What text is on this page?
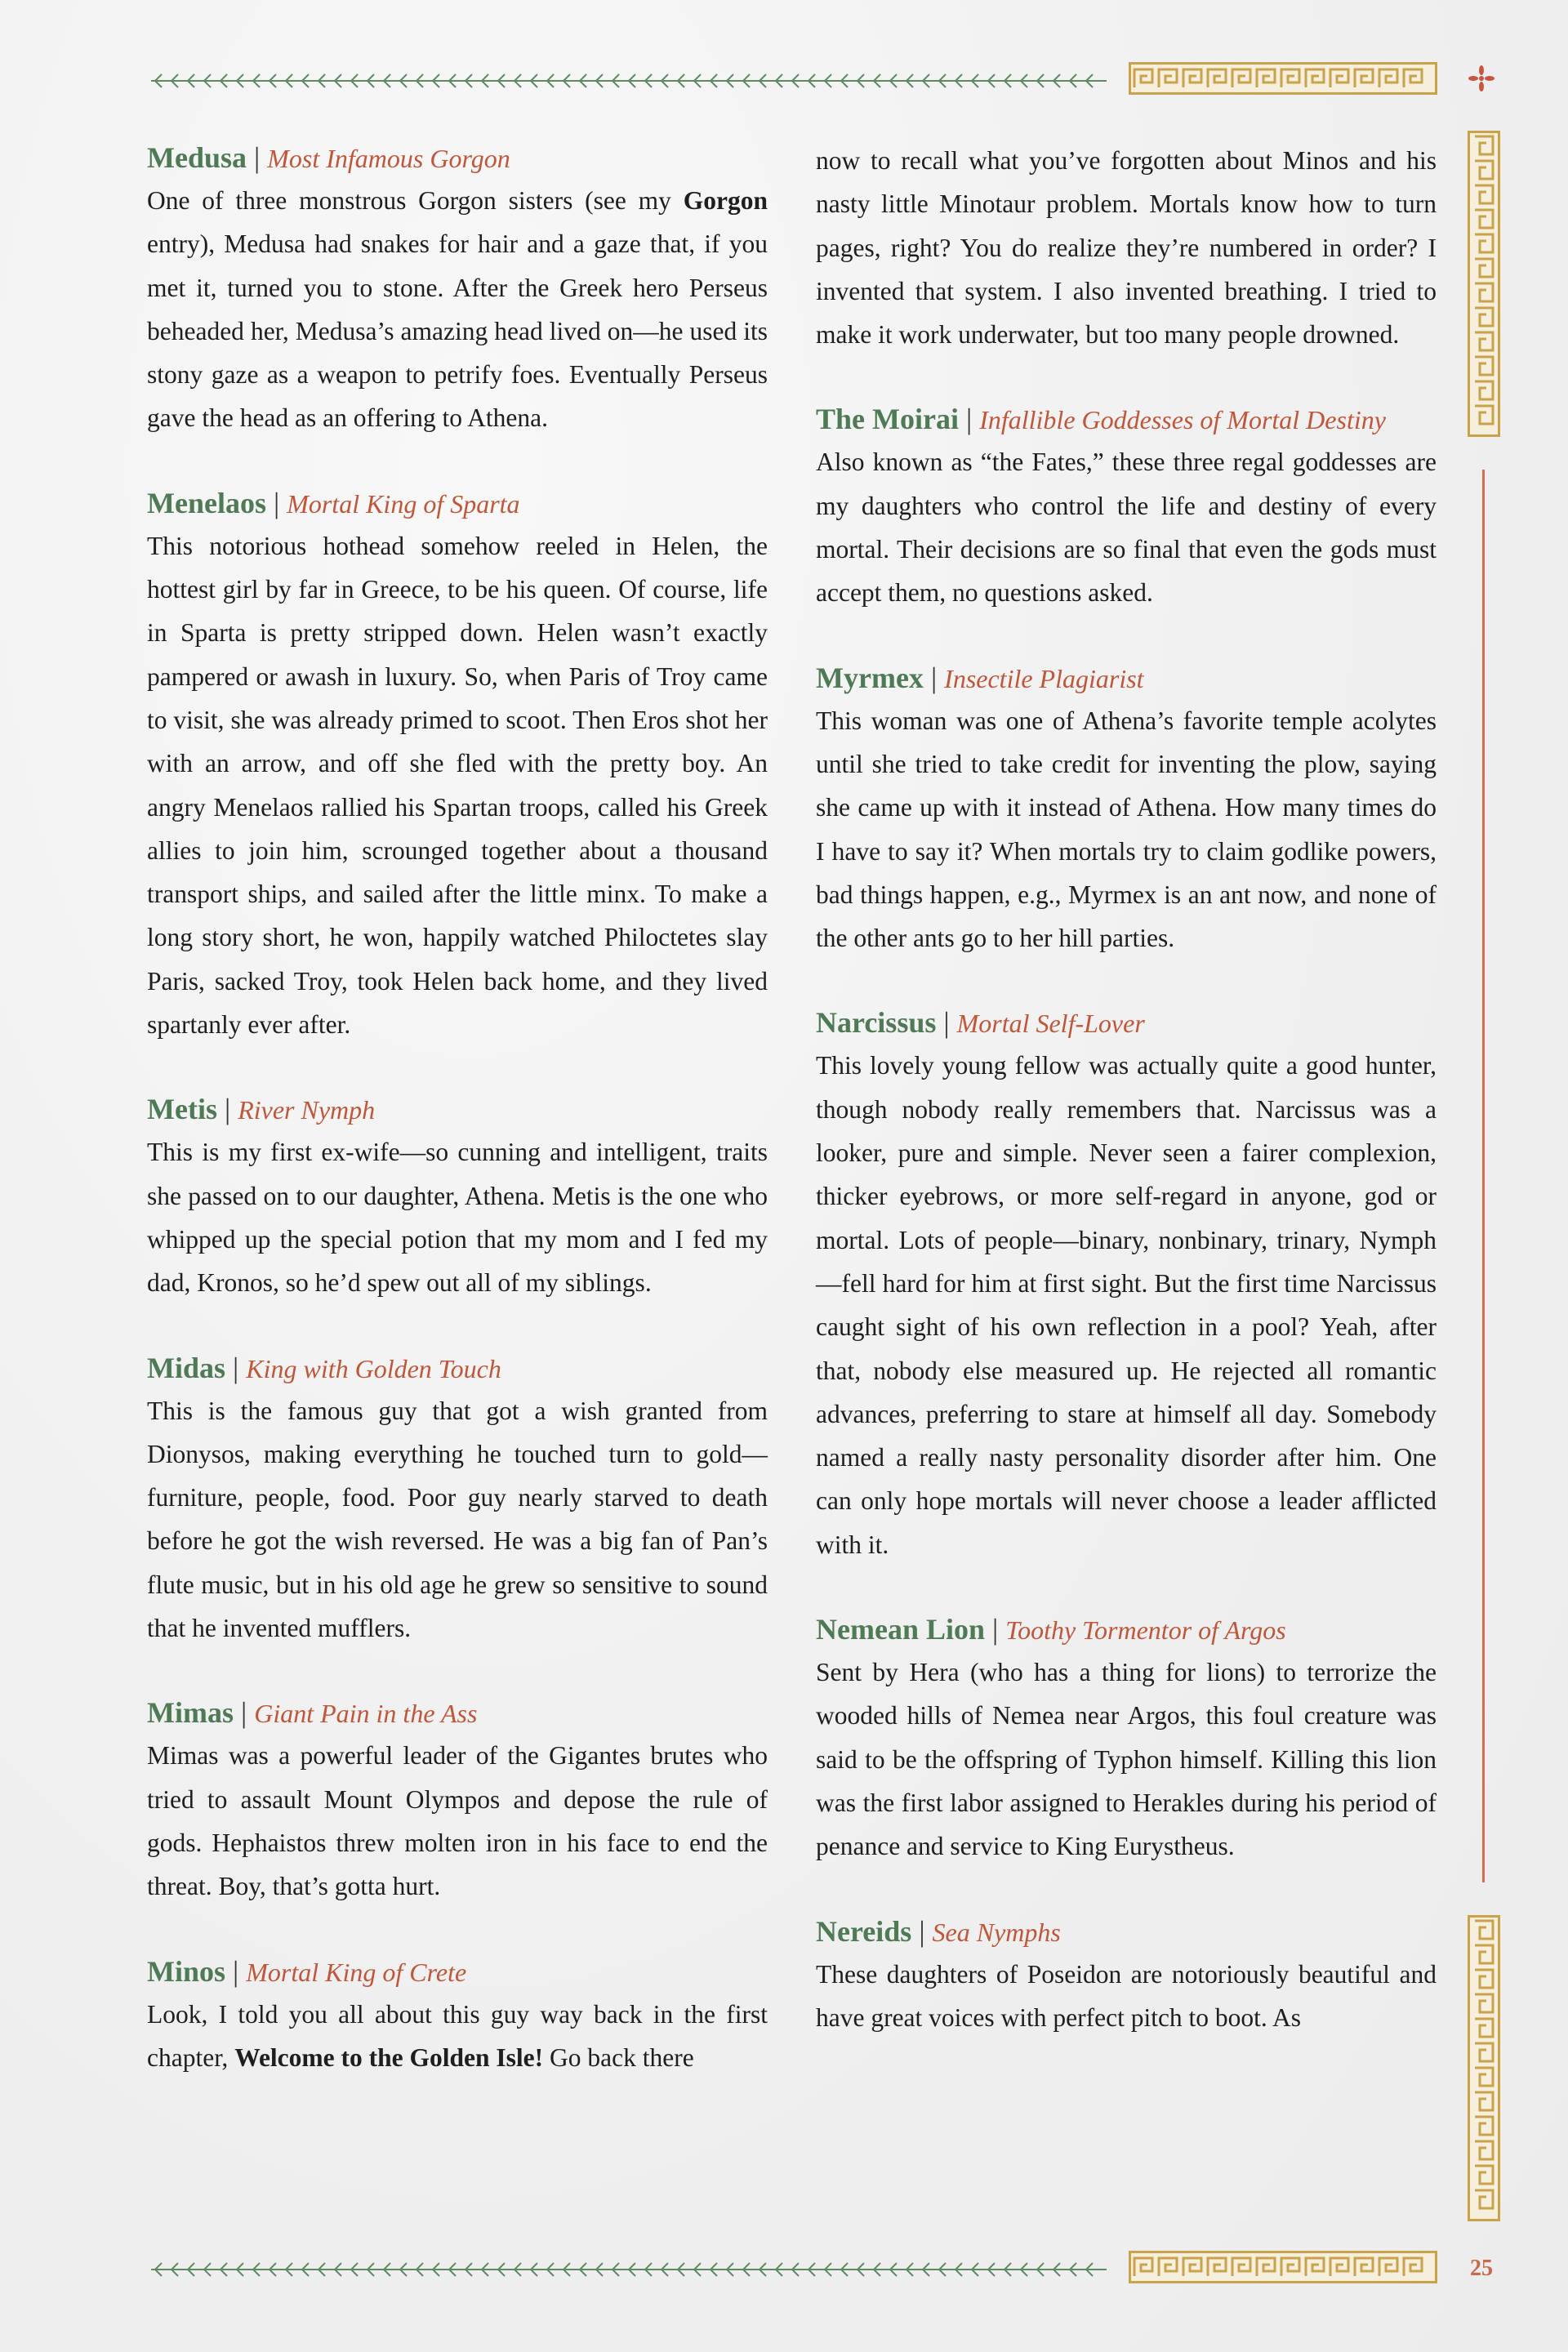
25

Medusa | Most Infamous Gorgon

One of three monstrous Gorgon sisters (see my Gorgon entry), Medusa had snakes for hair and a gaze that, if you met it, turned you to stone. After the Greek hero Perseus beheaded her, Medusa’s amazing head lived on—he used its stony gaze as a weapon to petrify foes. Eventually Perseus gave the head as an offering to Athena.

Menelaos | Mortal King of Sparta

This notorious hothead somehow reeled in Helen, the hottest girl by far in Greece, to be his queen. Of course, life in Sparta is pretty stripped down. Helen wasn’t exactly pampered or awash in luxury. So, when Paris of Troy came to visit, she was already primed to scoot. Then Eros shot her with an arrow, and off she fled with the pretty boy. An angry Menelaos rallied his Spartan troops, called his Greek allies to join him, scrounged together about a thousand transport ships, and sailed after the little minx. To make a long story short, he won, happily watched Philoctetes slay Paris, sacked Troy, took Helen back home, and they lived spartanly ever after.

Metis | River Nymph

This is my first ex-wife—so cunning and intelligent, traits she passed on to our daughter, Athena. Metis is the one who whipped up the special potion that my mom and I fed my dad, Kronos, so he’d spew out all of my siblings.

Midas | King with Golden Touch

This is the famous guy that got a wish granted from Dionysos, making everything he touched turn to gold—furniture, people, food. Poor guy nearly starved to death before he got the wish reversed. He was a big fan of Pan’s flute music, but in his old age he grew so sensitive to sound that he invented mufflers.

Mimas | Giant Pain in the Ass

Mimas was a powerful leader of the Gigantes brutes who tried to assault Mount Olympos and depose the rule of gods. Hephaistos threw molten iron in his face to end the threat. Boy, that’s gotta hurt.

Minos | Mortal King of Crete

Look, I told you all about this guy way back in the first chapter, Welcome to the Golden Isle! Go back there

now to recall what you’ve forgotten about Minos and his nasty little Minotaur problem. Mortals know how to turn pages, right? You do realize they’re numbered in order? I invented that system. I also invented breathing. I tried to make it work underwater, but too many people drowned.

The Moirai | Infallible Goddesses of Mortal Destiny

Also known as “the Fates,” these three regal goddesses are my daughters who control the life and destiny of every mortal. Their decisions are so final that even the gods must accept them, no questions asked.

Myrmex | Insectile Plagiarist

This woman was one of Athena’s favorite temple acolytes until she tried to take credit for inventing the plow, saying she came up with it instead of Athena. How many times do I have to say it? When mortals try to claim godlike powers, bad things happen, e.g., Myrmex is an ant now, and none of the other ants go to her hill parties.

Narcissus | Mortal Self-Lover

This lovely young fellow was actually quite a good hunter, though nobody really remembers that. Narcissus was a looker, pure and simple. Never seen a fairer complexion, thicker eyebrows, or more self-regard in anyone, god or mortal. Lots of people—binary, nonbinary, trinary, Nymph—fell hard for him at first sight. But the first time Narcissus caught sight of his own reflection in a pool? Yeah, after that, nobody else measured up. He rejected all romantic advances, preferring to stare at himself all day. Somebody named a really nasty personality disorder after him. One can only hope mortals will never choose a leader afflicted with it.

Nemean Lion | Toothy Tormentor of Argos

Sent by Hera (who has a thing for lions) to terrorize the wooded hills of Nemea near Argos, this foul creature was said to be the offspring of Typhon himself. Killing this lion was the first labor assigned to Herakles during his period of penance and service to King Eurystheus.

Nereids | Sea Nymphs

These daughters of Poseidon are notoriously beautiful and have great voices with perfect pitch to boot. As
